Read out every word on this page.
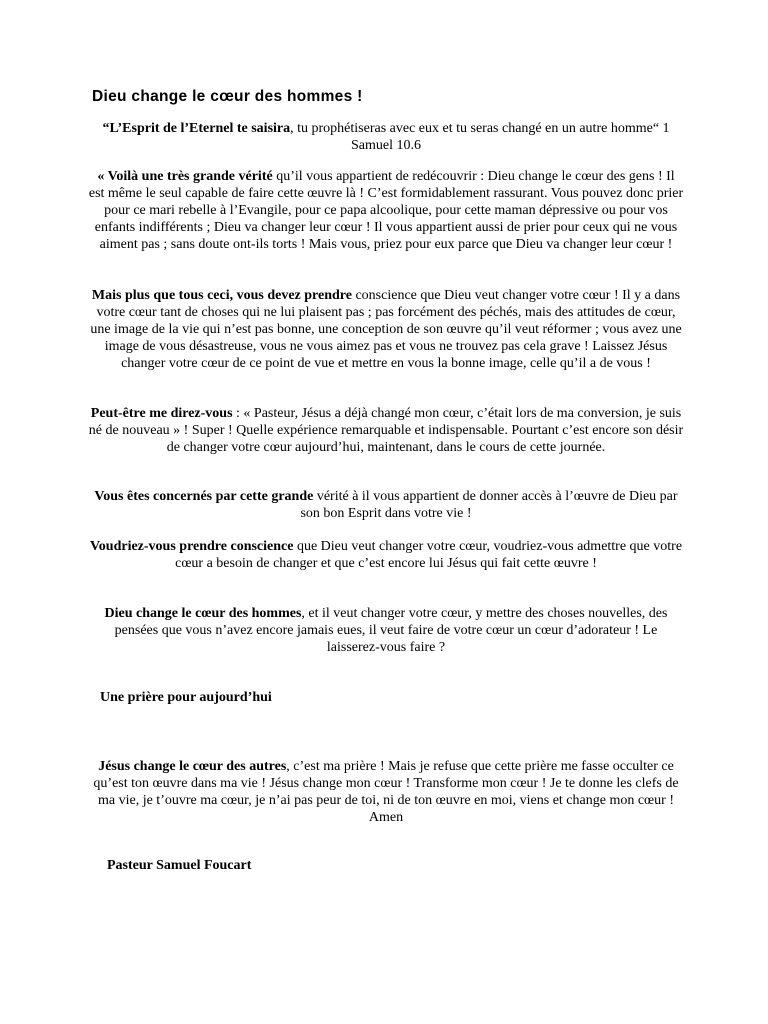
Dieu change le cœur des hommes !

“L’Esprit de l’Eternel te saisira, tu prophétiseras avec eux et tu seras changé en un autre homme“ 1 Samuel 10.6

« Voilà une très grande vérité qu’il vous appartient de redécouvrir : Dieu change le cœur des gens ! Il est même le seul capable de faire cette œuvre là ! C’est formidablement rassurant. Vous pouvez donc prier pour ce mari rebelle à l’Evangile, pour ce papa alcoolique, pour cette maman dépressive ou pour vos enfants indifférents ; Dieu va changer leur cœur ! Il vous appartient aussi de prier pour ceux qui ne vous aiment pas ; sans doute ont-ils torts ! Mais vous, priez pour eux parce que Dieu va changer leur cœur !

Mais plus que tous ceci, vous devez prendre conscience que Dieu veut changer votre cœur ! Il y a dans votre cœur tant de choses qui ne lui plaisent pas ; pas forcément des péchés, mais des attitudes de cœur, une image de la vie qui n’est pas bonne, une conception de son œuvre qu’il veut réformer ; vous avez une image de vous désastreuse, vous ne vous aimez pas et vous ne trouvez pas cela grave ! Laissez Jésus changer votre cœur de ce point de vue et mettre en vous la bonne image, celle qu’il a de vous !

Peut-être me direz-vous : « Pasteur, Jésus a déjà changé mon cœur, c’était lors de ma conversion, je suis né de nouveau » ! Super ! Quelle expérience remarquable et indispensable. Pourtant c’est encore son désir de changer votre cœur aujourd’hui, maintenant, dans le cours de cette journée.

Vous êtes concernés par cette grande vérité à il vous appartient de donner accès à l’œuvre de Dieu par son bon Esprit dans votre vie !

Voudriez-vous prendre conscience que Dieu veut changer votre cœur, voudriez-vous admettre que votre cœur a besoin de changer et que c’est encore lui Jésus qui fait cette œuvre !

Dieu change le cœur des hommes, et il veut changer votre cœur, y mettre des choses nouvelles, des pensées que vous n’avez encore jamais eues, il veut faire de votre cœur un cœur d’adorateur ! Le laisserez-vous faire ?

Une prière pour aujourd’hui

Jésus change le cœur des autres, c’est ma prière ! Mais je refuse que cette prière me fasse occulter ce qu’est ton œuvre dans ma vie ! Jésus change mon cœur ! Transforme mon cœur ! Je te donne les clefs de ma vie, je t’ouvre ma cœur, je n’ai pas peur de toi, ni de ton œuvre en moi, viens et change mon cœur ! Amen

Pasteur Samuel Foucart
